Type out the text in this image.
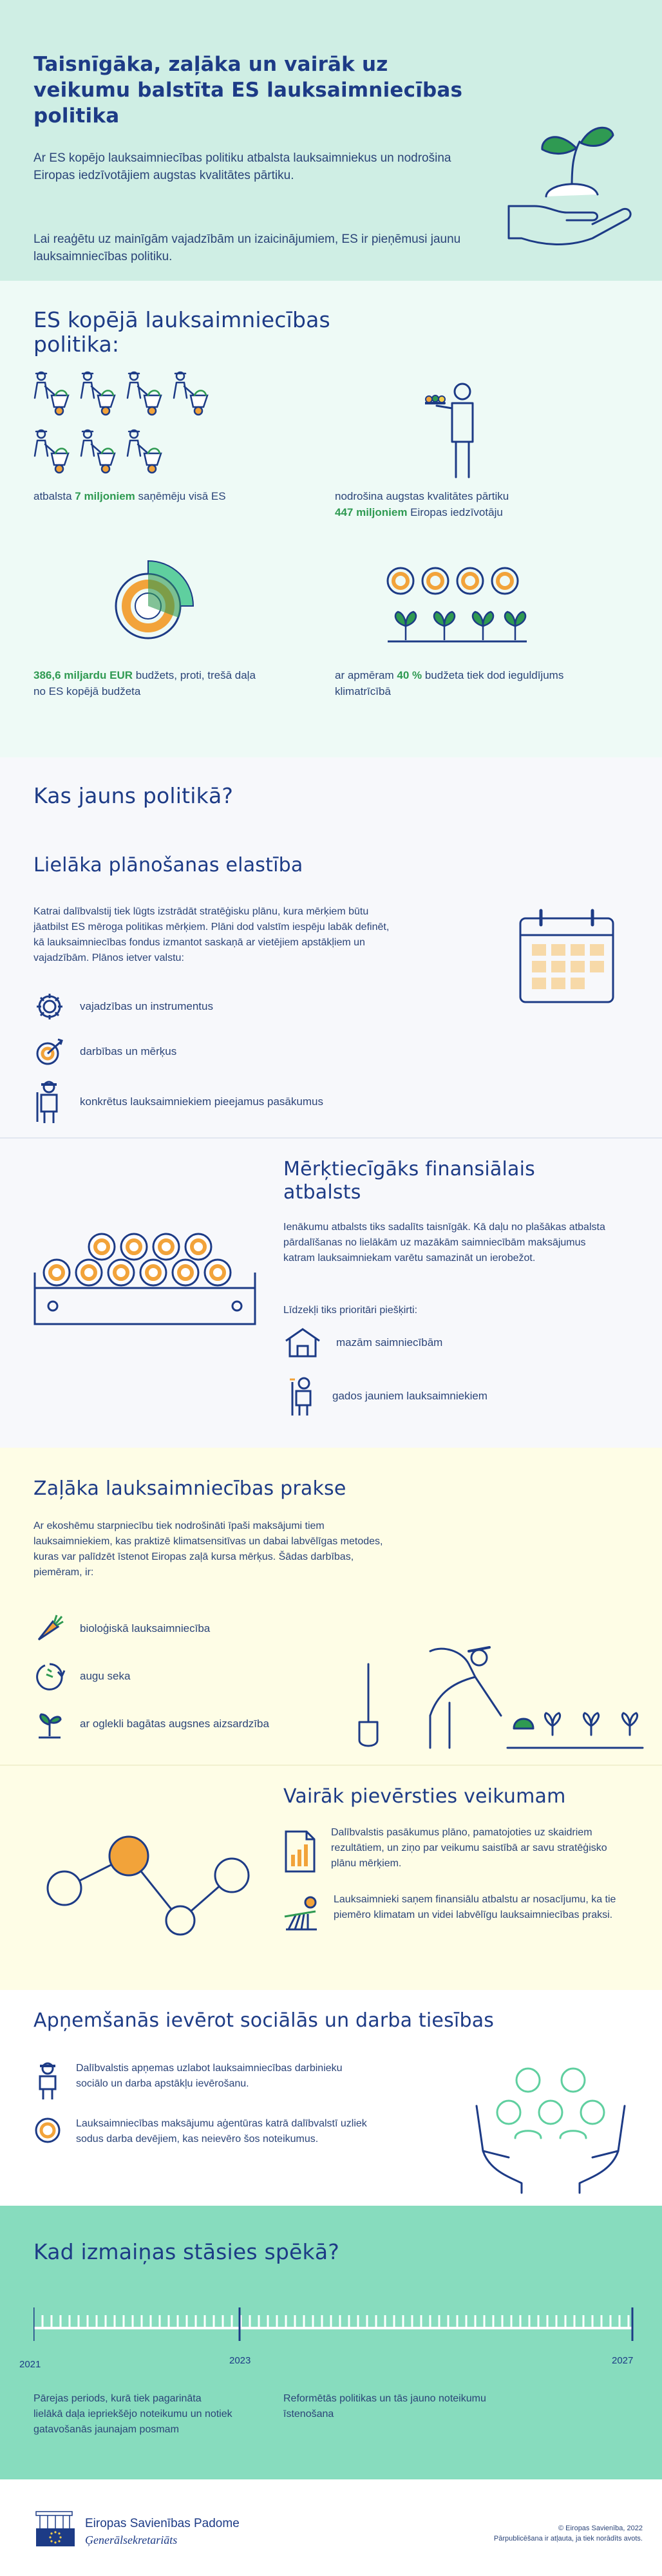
Taisnīgāka, zaļāka un vairāk uz veikumu balstīta ES lauksaimniecības politika

Ar ES kopējo lauksaimniecības politiku atbalsta lauksaimniekus un nodrošina Eiropas iedzīvotājiem augstas kvalitātes pārtiku.

Lai reaģētu uz mainīgām vajadzībām un izaicinājumiem, ES ir pieņēmusi jaunu lauksaimniecības politiku.

ES kopējā lauksaimniecības politika:

atbalsta 7 miljoniem saņēmēju visā ES	nodrošina augstas kvalitātes pārtiku

447 miljoniem Eiropas iedzīvotāju

386,6 miljardu EUR budžets, proti, trešā daļa no ES kopējā budžeta

ar apmēram 40 % budžeta tiek dod ieguldījums klimatrīcībā

Kas jauns politikā?
Lielāka plānošanas elastība

Katrai dalībvalstij tiek lūgts izstrādāt stratēģisku plānu, kura mērķiem būtu jāatbilst ES mēroga politikas mērķiem. Plāni dod valstīm iespēju labāk definēt, kā lauksaimniecības fondus izmantot saskaņā ar vietējiem apstākļiem un vajadzībām. Plānos ietver valstu:

vajadzības un instrumentus
darbības un mērķus
konkrētus lauksaimniekiem pieejamus pasākumus
Mērķtiecīgāks finansiālais atbalsts

Ienākumu atbalsts tiks sadalīts taisnīgāk. Kā daļu no plašākas atbalsta pārdalīšanas no lielākām uz mazākām saimniecībām maksājumus katram lauksaimniekam varētu samazināt un ierobežot.

Līdzekļi tiks prioritāri piešķirti:

mazām saimniecībām
gados jauniem lauksaimniekiem
Zaļāka lauksaimniecības prakse

Ar ekoshēmu starpniecību tiek nodrošināti īpaši maksājumi tiem lauksaimniekiem, kas praktizē klimatsensitīvas un dabai labvēlīgas metodes, kuras var palīdzēt īstenot Eiropas zaļā kursa mērķus. Šādas darbības, piemēram, ir:

bioloģiskā lauksaimniecība
augu seka
ar oglekli bagātas augsnes aizsardzība
Vairāk pievērsties veikumam
Dalībvalstis pasākumus plāno, pamatojoties uz skaidriem rezultātiem, un ziņo par veikumu saistībā ar savu stratēģisko plānu mērķiem.
Lauksaimnieki saņem finansiālu atbalstu ar nosacījumu, ka tie piemēro klimatam un videi labvēlīgu lauksaimniecības praksi.
Apņemšanās ievērot sociālās un darba tiesības
Dalībvalstis apņemas uzlabot lauksaimniecības darbinieku sociālo un darba apstākļu ievērošanu.
Lauksaimniecības maksājumu aģentūras katrā dalībvalstī uzliek sodus darba devējiem, kas neievēro šos noteikumus.
Kad izmaiņas stāsies spēkā?
2021	2023	2027

Pārejas periods, kurā tiek pagarināta lielākā daļa iepriekšējo noteikumu un notiek gatavošanās jaunajam posmam

Reformētās politikas un tās jauno noteikumu īstenošana

Eiropas Savienības Padome
Ģenerālsekretariāts
© Eiropas Savienība, 2022
Pārpublicēšana ir atļauta, ja tiek norādīts avots.
